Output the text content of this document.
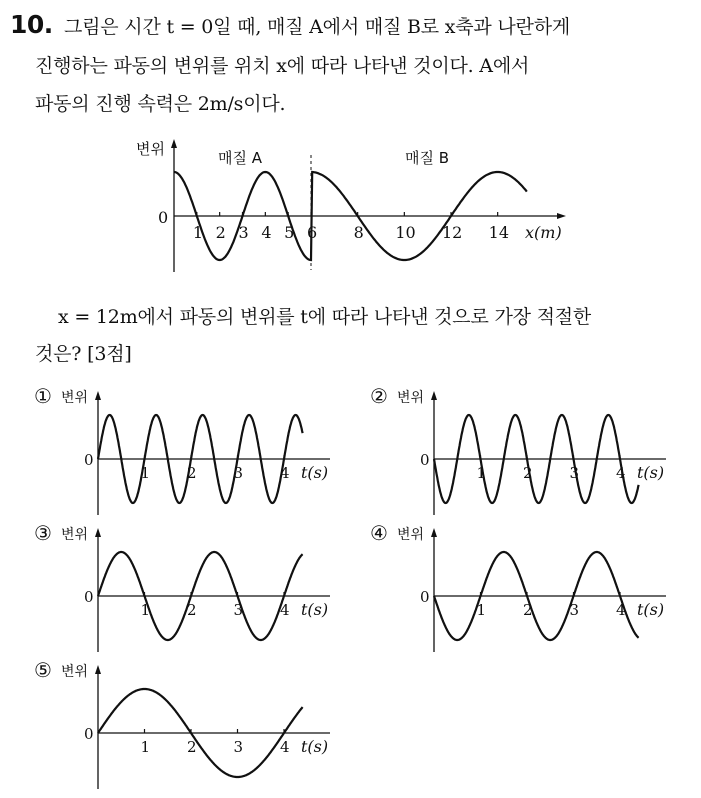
10. 그림은 시간 t = 0일 때, 매질 A에서 매질 B로 x축과 나란하게
진행하는 파동의 변위를 위치 x에 따라 나타낸 것이다. A에서
파동의 진행 속력은 2m/s이다.
변위
0
매질 A	매질 B
x(m)
1 2 3 4 5 6 8 10 12 14
x = 12m에서 파동의 변위를 t에 따라 나타낸 것으로 가장 적절한
것은? [3점]
① 변위
0
t(s)
1 2 3 4
② 변위
0
t(s)
1 2 3 4
③ 변위
0
t(s)
1 2 3 4
④ 변위
0
t(s)
1 2 3 4
⑤ 변위
0
t(s)
1 2 3 4
